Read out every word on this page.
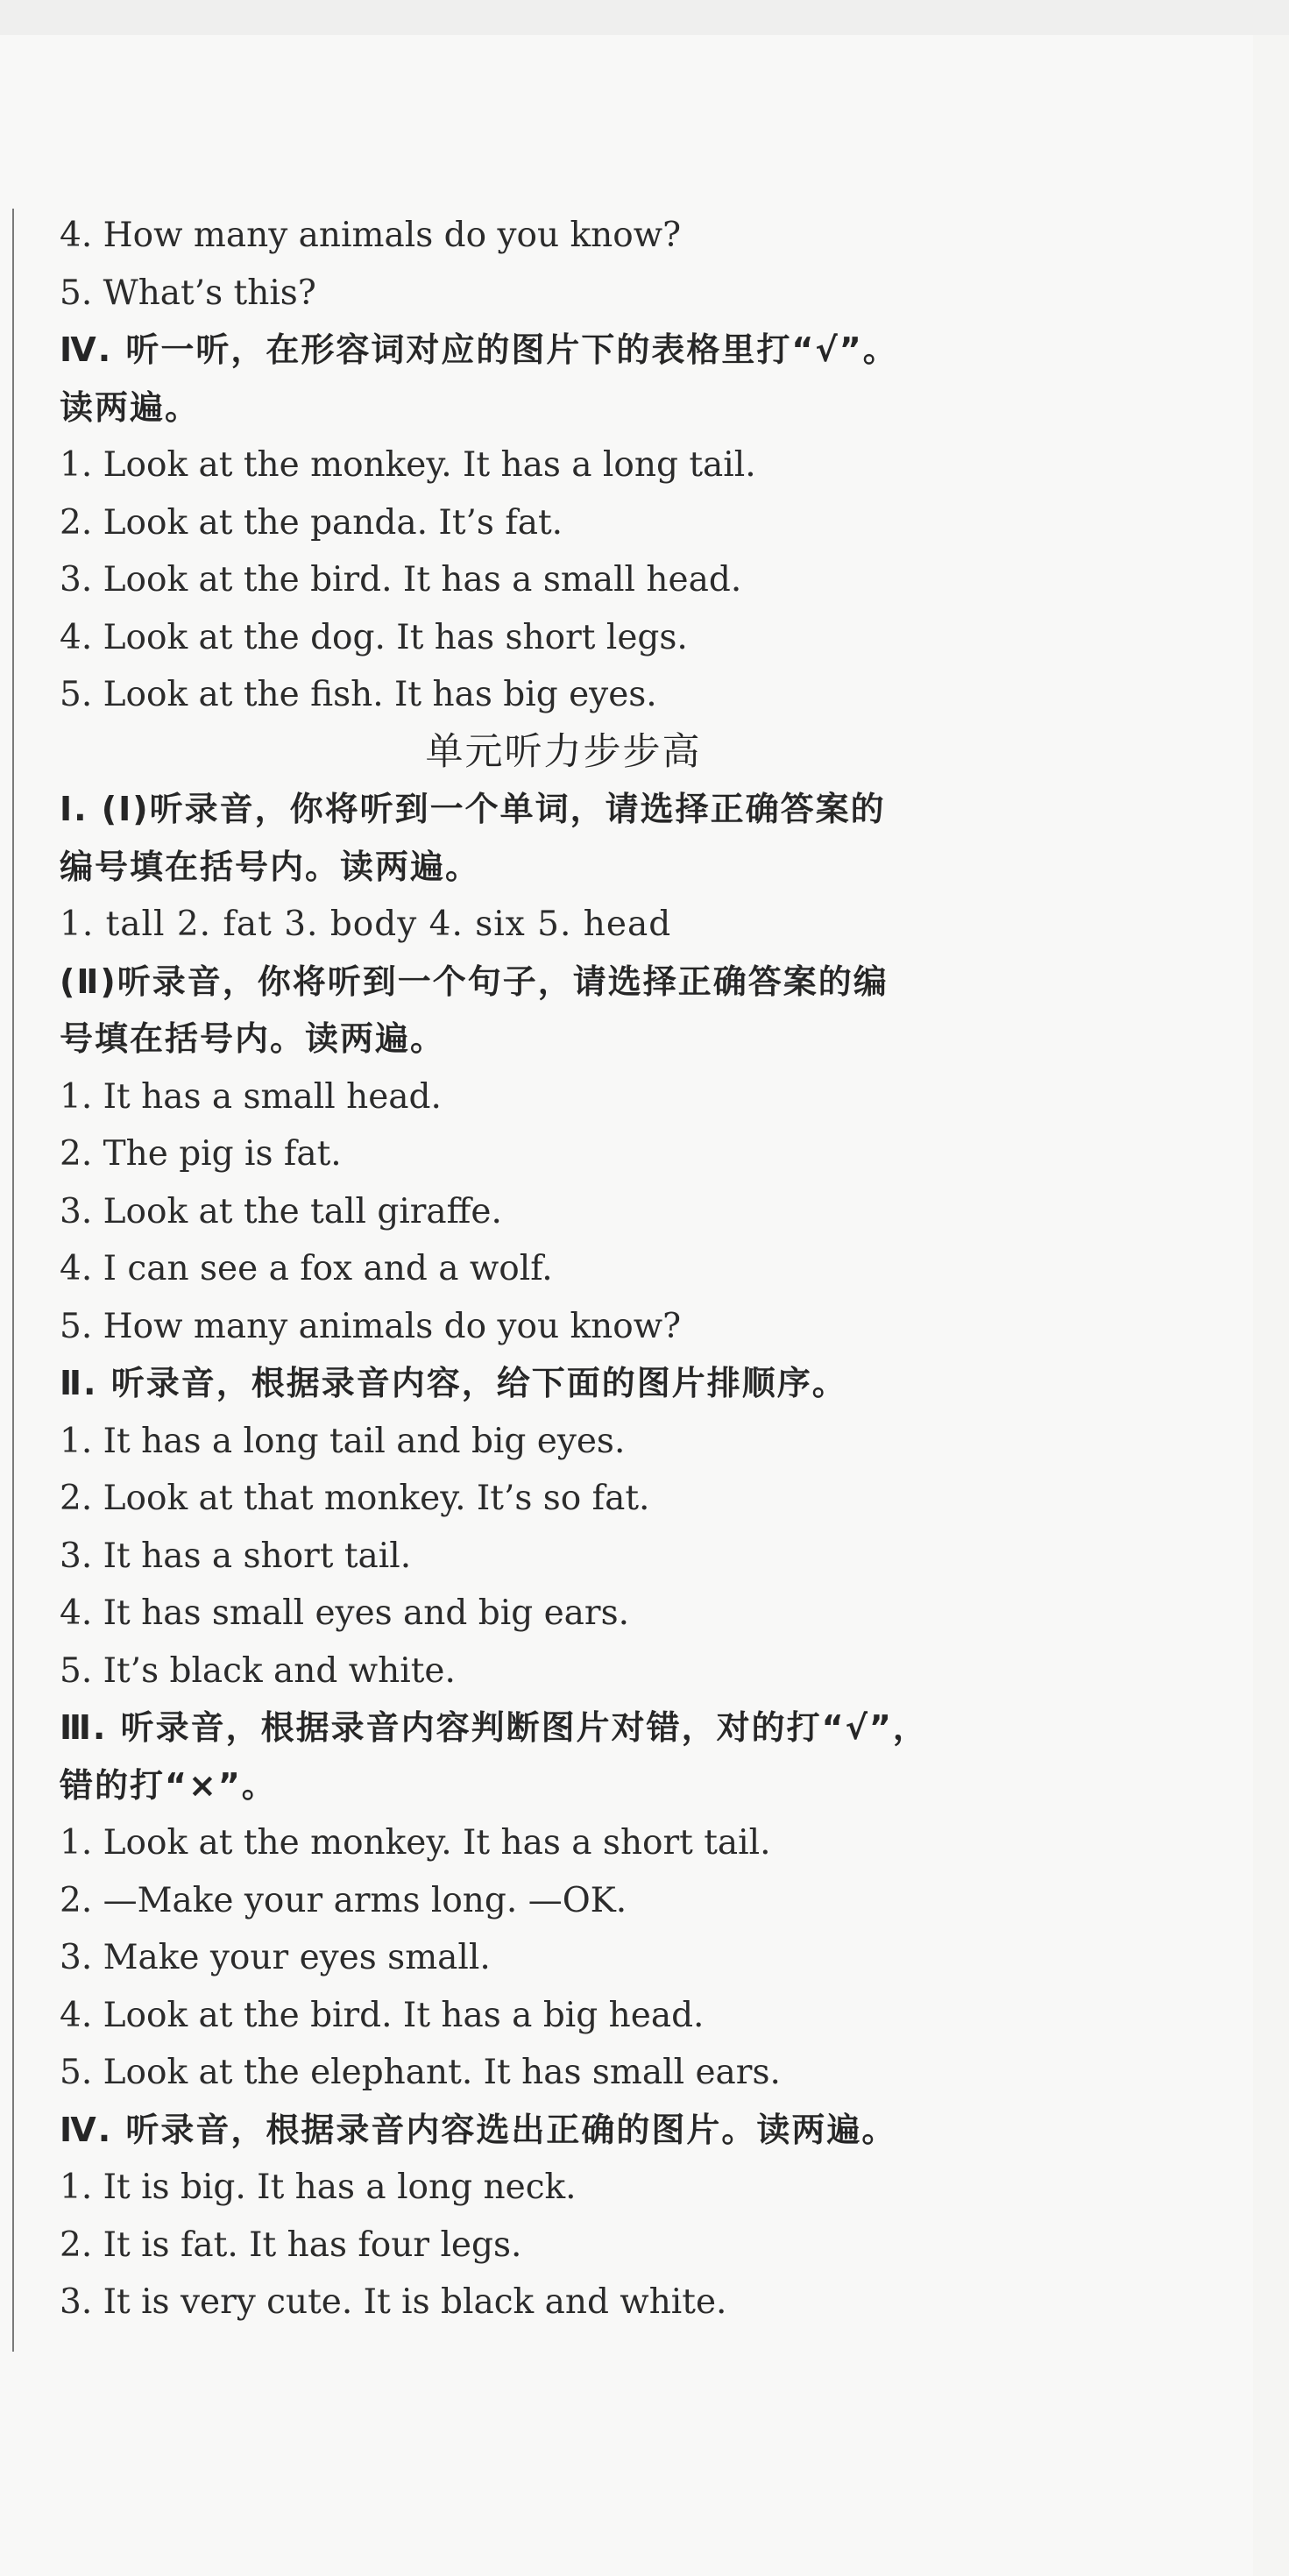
4. How many animals do you know?
5. What’s this?
Ⅳ. 听一听，在形容词对应的图片下的表格里打“√”。
读两遍。
1. Look at the monkey. It has a long tail.
2. Look at the panda. It’s fat.
3. Look at the bird. It has a small head.
4. Look at the dog. It has short legs.
5. Look at the fish. It has big eyes.
单元听力步步高
Ⅰ. (Ⅰ)听录音，你将听到一个单词，请选择正确答案的
编号填在括号内。读两遍。
1. tall 2. fat 3. body 4. six 5. head
(Ⅱ)听录音，你将听到一个句子，请选择正确答案的编
号填在括号内。读两遍。
1. It has a small head.
2. The pig is fat.
3. Look at the tall giraffe.
4. I can see a fox and a wolf.
5. How many animals do you know?
Ⅱ. 听录音，根据录音内容，给下面的图片排顺序。
1. It has a long tail and big eyes.
2. Look at that monkey. It’s so fat.
3. It has a short tail.
4. It has small eyes and big ears.
5. It’s black and white.
Ⅲ. 听录音，根据录音内容判断图片对错，对的打“√”，
错的打“×”。
1. Look at the monkey. It has a short tail.
2. —Make your arms long. —OK.
3. Make your eyes small.
4. Look at the bird. It has a big head.
5. Look at the elephant. It has small ears.
Ⅳ. 听录音，根据录音内容选出正确的图片。读两遍。
1. It is big. It has a long neck.
2. It is fat. It has four legs.
3. It is very cute. It is black and white.
